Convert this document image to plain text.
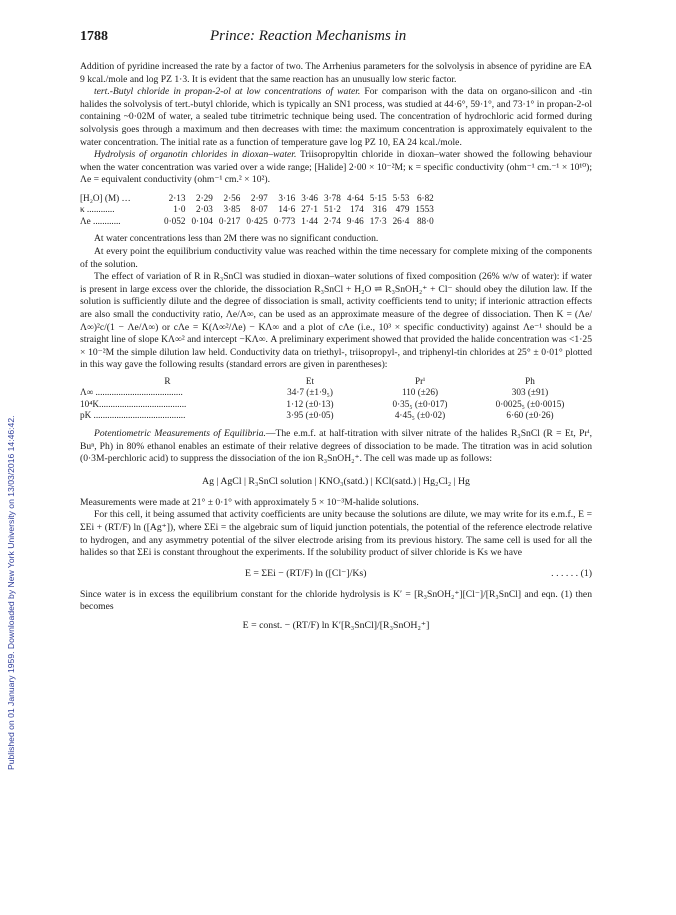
Published on 01 January 1959. Downloaded by New York University on 13/03/2016 14:46:42.
1788	Prince: Reaction Mechanisms in

Addition of pyridine increased the rate by a factor of two. The Arrhenius parameters for the solvolysis in absence of pyridine are EA 9 kcal./mole and log PZ 1·3. It is evident that the same reaction has an unusually low steric factor.

tert.-Butyl chloride in propan-2-ol at low concentrations of water. For comparison with the data on organo-silicon and -tin halides the solvolysis of tert.-butyl chloride, which is typically an SN1 process, was studied at 44·6°, 59·1°, and 73·1° in propan-2-ol containing ~0·02M of water, a sealed tube titrimetric technique being used. The concentration of hydrochloric acid formed during solvolysis goes through a maximum and then decreases with time: the maximum concentration is approximately equivalent to the water concentration. The initial rate as a function of temperature gave log PZ 10, EA 24 kcal./mole.

Hydrolysis of organotin chlorides in dioxan–water. Triisopropyltin chloride in dioxan–water showed the following behaviour when the water concentration was varied over a wide range; [Halide] 2·00 × 10⁻²M; κ = specific conductivity (ohm⁻¹ cm.⁻¹ × 10¹⁰); Λe = equivalent conductivity (ohm⁻¹ cm.² × 10²).

[H₂O] (M) …	2·13	2·29	2·56	2·97	3·16	3·46	3·78	4·64	5·15	5·53	6·82
κ ............	1·0	2·03	3·85	8·07	14·6	27·1	51·2	174	316	479	1553
Λe ............	0·052	0·104	0·217	0·425	0·773	1·44	2·74	9·46	17·3	26·4	88·0

At water concentrations less than 2M there was no significant conduction.

At every point the equilibrium conductivity value was reached within the time necessary for complete mixing of the components of the solution.

The effect of variation of R in R₃SnCl was studied in dioxan–water solutions of fixed composition (26% w/w of water): if water is present in large excess over the chloride, the dissociation R₃SnCl + H₂O ⇌ R₃SnOH₂⁺ + Cl⁻ should obey the dilution law. If the solution is sufficiently dilute and the degree of dissociation is small, activity coefficients tend to unity; if interionic attraction effects are also small the conductivity ratio, Λe/Λ∞, can be used as an approximate measure of the degree of dissociation. Then K = (Λe/Λ∞)²c/(1 − Λe/Λ∞) or cΛe = K(Λ∞²/Λe) − KΛ∞ and a plot of cΛe (i.e., 10³ × specific conductivity) against Λe⁻¹ should be a straight line of slope KΛ∞² and intercept −KΛ∞. A preliminary experiment showed that provided the halide concentration was <1·25 × 10⁻²M the simple dilution law held. Conductivity data on triethyl-, triisopropyl-, and triphenyl-tin chlorides at 25° ± 0·01° plotted in this way gave the following results (standard errors are given in parentheses):

R	Et	Prⁱ	Ph
Λ∞ ......................................	34·7 (±1·9₅)	110 (±26)	303 (±91)
10⁴K......................................	1·12 (±0·13)	0·35₅ (±0·017)	0·0025₅ (±0·0015)
pK ........................................	3·95 (±0·05)	4·45₅ (±0·02)	6·60 (±0·26)

Potentiometric Measurements of Equilibria.—The e.m.f. at half-titration with silver nitrate of the halides R₃SnCl (R = Et, Prⁱ, Buⁿ, Ph) in 80% ethanol enables an estimate of their relative degrees of dissociation to be made. The titration was in acid solution (0·3M-perchloric acid) to suppress the dissociation of the ion R₃SnOH₂⁺. The cell was made up as follows:

Ag | AgCl | R₃SnCl solution | KNO₃(satd.) | KCl(satd.) | Hg₂Cl₂ | Hg

Measurements were made at 21° ± 0·1° with approximately 5 × 10⁻³M-halide solutions.

For this cell, it being assumed that activity coefficients are unity because the solutions are dilute, we may write for its e.m.f., E = ΣEi + (RT/F) ln ([Ag⁺]), where ΣEi = the algebraic sum of liquid junction potentials, the potential of the reference electrode relative to hydrogen, and any asymmetry potential of the silver electrode arising from its previous history. The same cell is used for all the halides so that ΣEi is constant throughout the experiments. If the solubility product of silver chloride is Ks we have

E = ΣEi − (RT/F) ln ([Cl⁻]/Ks)	. . . . . . (1)

Since water is in excess the equilibrium constant for the chloride hydrolysis is K′ = [R₃SnOH₂⁺][Cl⁻]/[R₃SnCl] and eqn. (1) then becomes

E = const. − (RT/F) ln K′[R₃SnCl]/[R₃SnOH₂⁺]
